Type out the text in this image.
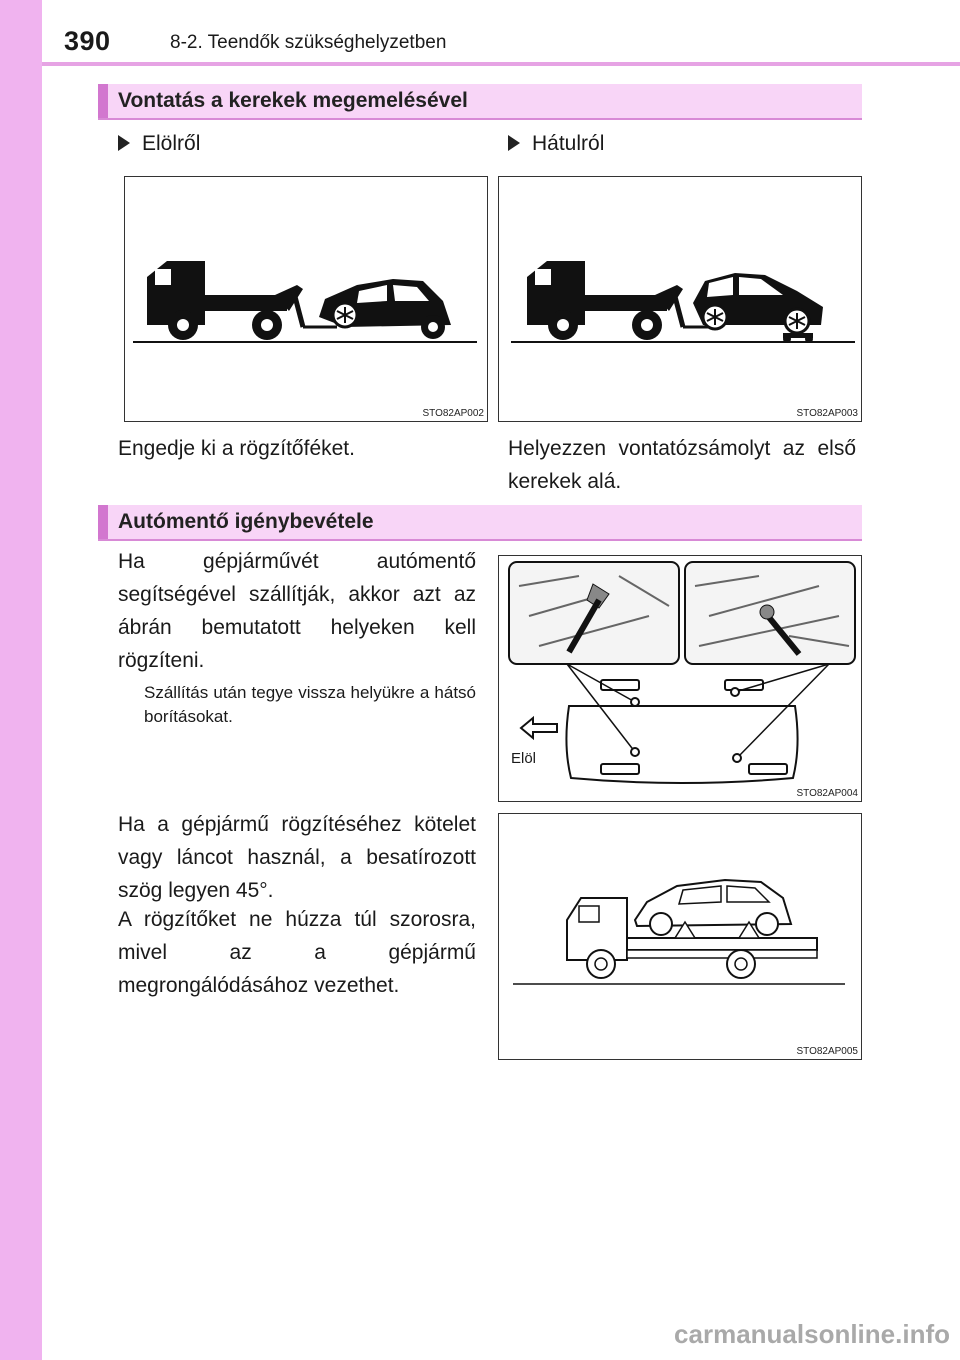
390	8-2. Teendők szükséghelyzetben
Vontatás a kerekek megemelésével
Elölről	Hátulról
STO82AP002	STO82AP003
Engedje ki a rögzítőféket.	Helyezzen vontatózsámolyt az első kerekek alá.
Autómentő igénybevétele
Ha gépjárművét autómentő segítségével szállítják, akkor azt az ábrán bemutatott helyeken kell rögzíteni.
Szállítás után tegye vissza helyükre a hátsó borításokat.
Ha a gépjármű rögzítéséhez kötelet vagy láncot használ, a besatírozott szög legyen 45°.
A rögzítőket ne húzza túl szorosra, mivel az a gépjármű megrongálódásához vezethet.
Elöl
STO82AP004
STO82AP005
carmanualsonline.info
